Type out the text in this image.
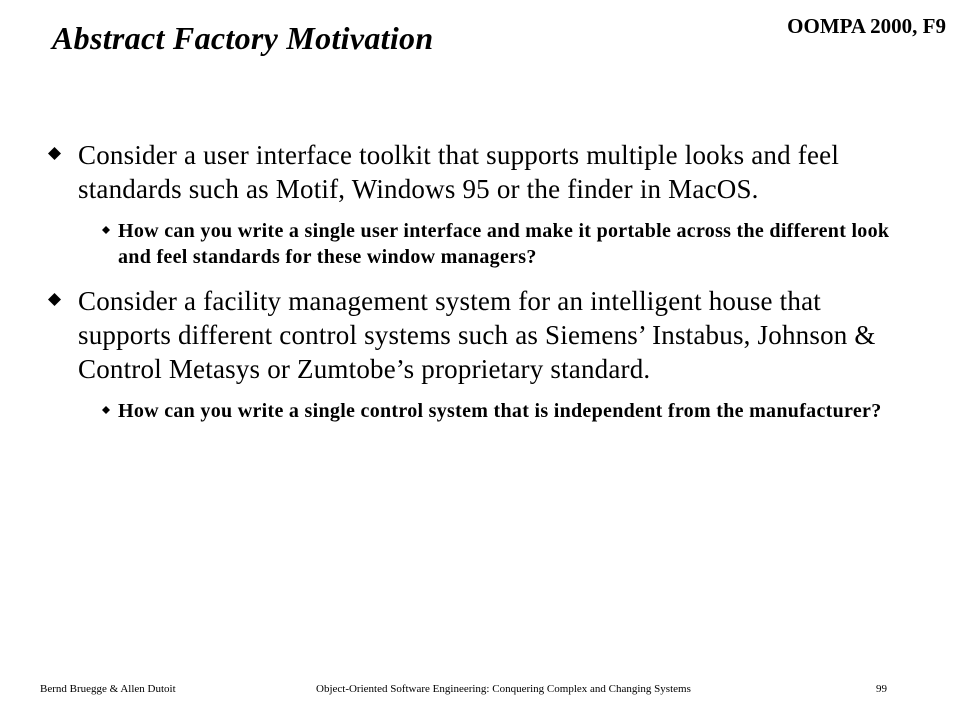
OOMPA 2000, F9
Abstract Factory Motivation

Consider a user interface toolkit that supports multiple looks and feel standards such as Motif, Windows 95 or the finder in MacOS.

How can you write a single user interface and make it portable across the different look and feel standards for these window managers?

Consider a facility management system for an intelligent house that supports different control systems such as Siemens’ Instabus, Johnson & Control Metasys or Zumtobe’s proprietary standard.

How can you write a single control system that is independent from the manufacturer?
Bernd Bruegge & Allen Dutoit	Object-Oriented Software Engineering: Conquering Complex and Changing Systems	99
